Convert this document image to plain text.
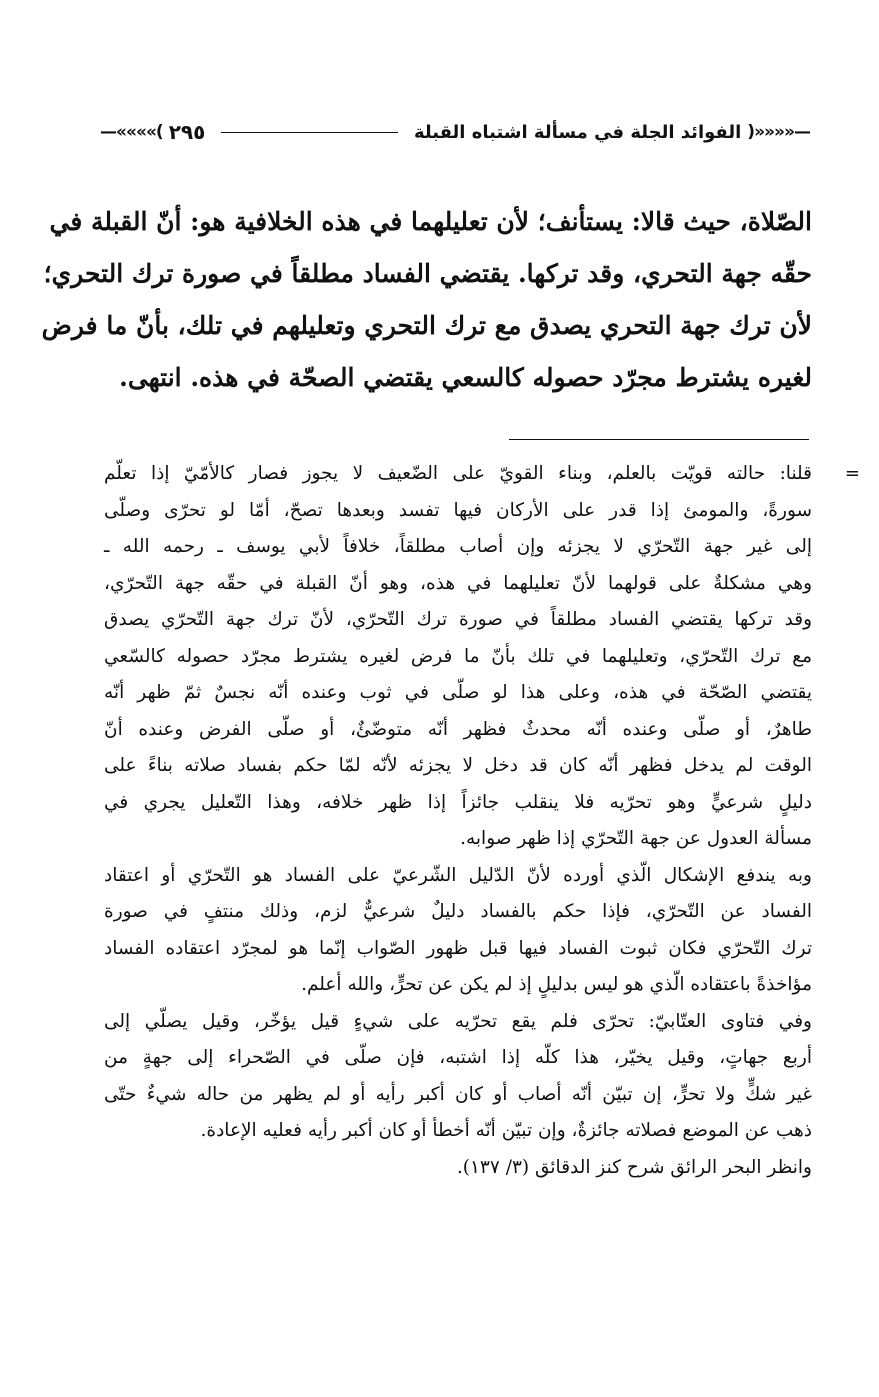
—««««(
الفوائد الجلة في مسألة اشتباه القبلة
٢٩٥
)»»»»—
الصّلاة، حيث قالا: يستأنف؛ لأن تعليلهما في هذه الخلافية هو: أنّ القبلة في
حقّه جهة التحري، وقد تركها. يقتضي الفساد مطلقاً في صورة ترك التحري؛
لأن ترك جهة التحري يصدق مع ترك التحري وتعليلهم في تلك، بأنّ ما فرض
لغيره يشترط مجرّد حصوله كالسعي يقتضي الصحّة في هذه. انتهى.
=
قلنا: حالته قويّت بالعلم، وبناء القويّ على الضّعيف لا يجوز فصار كالأمّيّ إذا تعلّم
سورةً، والمومئ إذا قدر على الأركان فيها تفسد وبعدها تصحّ، أمّا لو تحرّى وصلّى
إلى غير جهة التّحرّي لا يجزئه وإن أصاب مطلقاً، خلافاً لأبي يوسف ـ رحمه الله ـ
وهي مشكلةٌ على قولهما لأنّ تعليلهما في هذه، وهو أنّ القبلة في حقّه جهة التّحرّي،
وقد تركها يقتضي الفساد مطلقاً في صورة ترك التّحرّي، لأنّ ترك جهة التّحرّي يصدق
مع ترك التّحرّي، وتعليلهما في تلك بأنّ ما فرض لغيره يشترط مجرّد حصوله كالسّعي
يقتضي الصّحّة في هذه، وعلى هذا لو صلّى في ثوب وعنده أنّه نجسٌ ثمّ ظهر أنّه
طاهرٌ، أو صلّى وعنده أنّه محدثٌ فظهر أنّه متوضّئٌ، أو صلّى الفرض وعنده أنّ
الوقت لم يدخل فظهر أنّه كان قد دخل لا يجزئه لأنّه لمّا حكم بفساد صلاته بناءً على
دليلٍ شرعيٍّ وهو تحرّيه فلا ينقلب جائزاً إذا ظهر خلافه، وهذا التّعليل يجري في
مسألة العدول عن جهة التّحرّي إذا ظهر صوابه.
وبه يندفع الإشكال الّذي أورده لأنّ الدّليل الشّرعيّ على الفساد هو التّحرّي أو اعتقاد
الفساد عن التّحرّي، فإذا حكم بالفساد دليلٌ شرعيٌّ لزم، وذلك منتفٍ في صورة
ترك التّحرّي فكان ثبوت الفساد فيها قبل ظهور الصّواب إنّما هو لمجرّد اعتقاده الفساد
مؤاخذةً باعتقاده الّذي هو ليس بدليلٍ إذ لم يكن عن تحرٍّ، والله أعلم.
وفي فتاوى العتّابيّ: تحرّى فلم يقع تحرّيه على شيءٍ قيل يؤخّر، وقيل يصلّي إلى
أربع جهاتٍ، وقيل يخيّر، هذا كلّه إذا اشتبه، فإن صلّى في الصّحراء إلى جهةٍ من
غير شكٍّ ولا تحرٍّ، إن تبيّن أنّه أصاب أو كان أكبر رأيه أو لم يظهر من حاله شيءٌ حتّى
ذهب عن الموضع فصلاته جائزةٌ، وإن تبيّن أنّه أخطأ أو كان أكبر رأيه فعليه الإعادة.
وانظر البحر الرائق شرح كنز الدقائق (٣/ ١٣٧).
